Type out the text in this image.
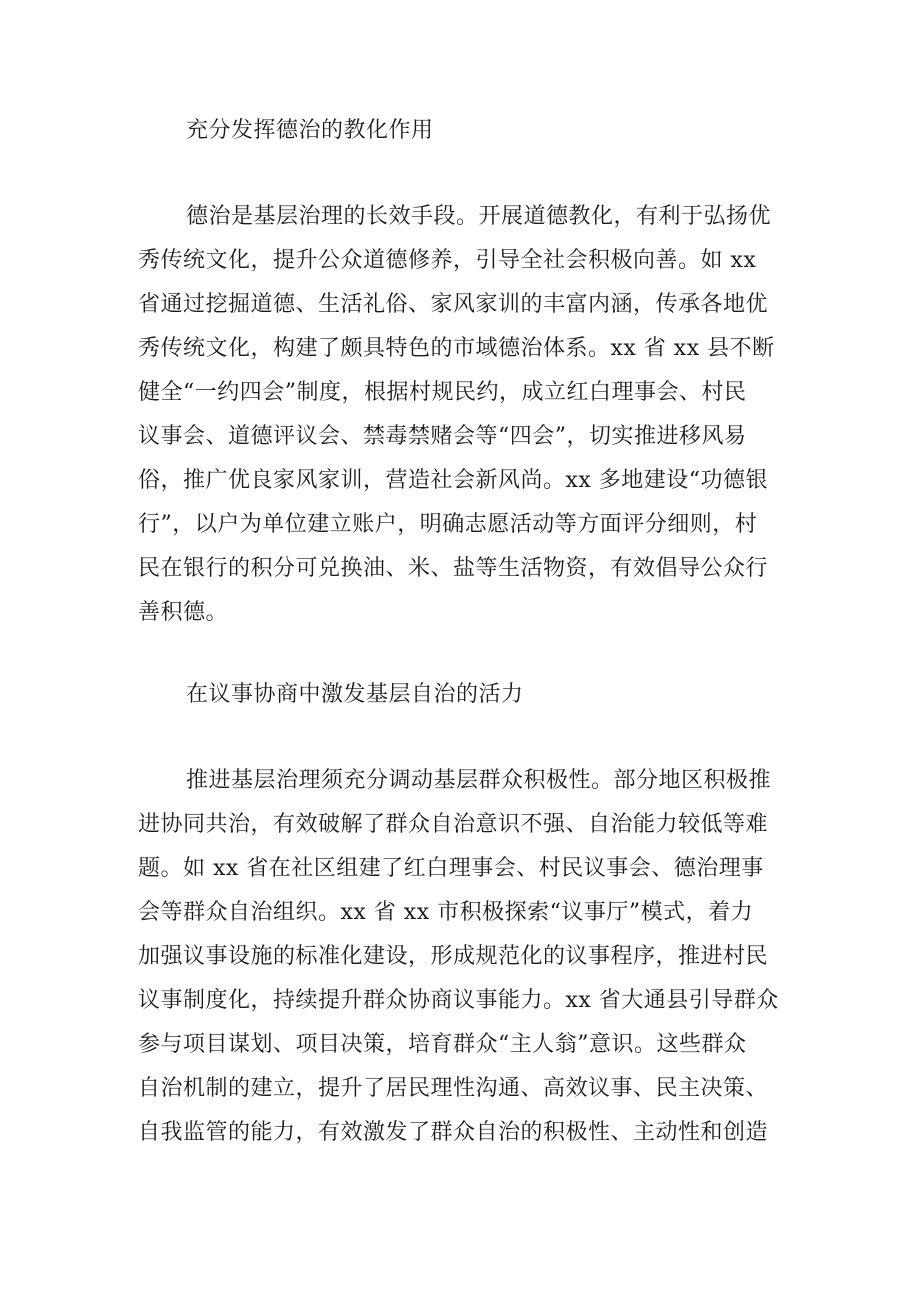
充分发挥德治的教化作用
德治是基层治理的长效手段。开展道德教化，有利于弘扬优
秀传统文化，提升公众道德修养，引导全社会积极向善。如 xx
省通过挖掘道德、生活礼俗、家风家训的丰富内涵，传承各地优
秀传统文化，构建了颇具特色的市域德治体系。xx 省 xx 县不断
健全“一约四会”制度，根据村规民约，成立红白理事会、村民
议事会、道德评议会、禁毒禁赌会等“四会”，切实推进移风易
俗，推广优良家风家训，营造社会新风尚。xx 多地建设“功德银
行”，以户为单位建立账户，明确志愿活动等方面评分细则，村
民在银行的积分可兑换油、米、盐等生活物资，有效倡导公众行
善积德。
在议事协商中激发基层自治的活力
推进基层治理须充分调动基层群众积极性。部分地区积极推
进协同共治，有效破解了群众自治意识不强、自治能力较低等难
题。如 xx 省在社区组建了红白理事会、村民议事会、德治理事
会等群众自治组织。xx 省 xx 市积极探索“议事厅”模式，着力
加强议事设施的标准化建设，形成规范化的议事程序，推进村民
议事制度化，持续提升群众协商议事能力。xx 省大通县引导群众
参与项目谋划、项目决策，培育群众“主人翁”意识。这些群众
自治机制的建立，提升了居民理性沟通、高效议事、民主决策、
自我监管的能力，有效激发了群众自治的积极性、主动性和创造
